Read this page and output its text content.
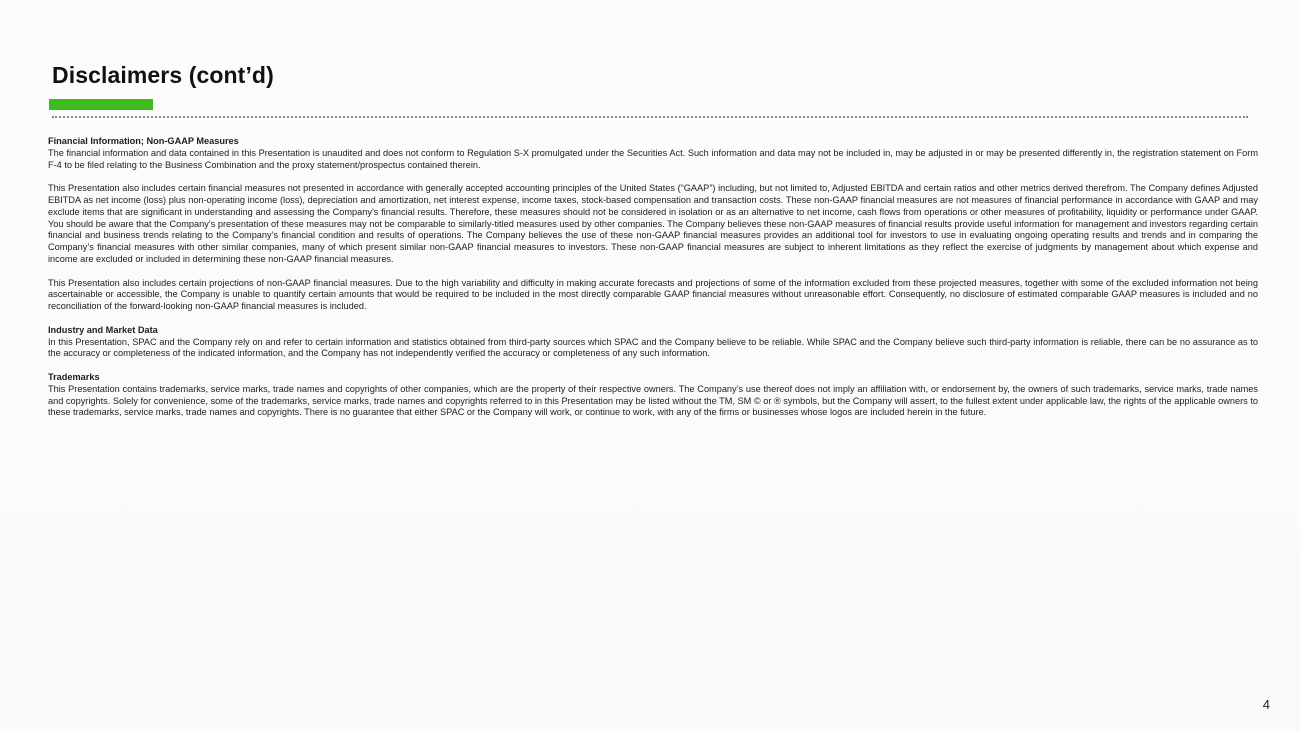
Disclaimers (cont’d)
Financial Information; Non-GAAP Measures

The financial information and data contained in this Presentation is unaudited and does not conform to Regulation S-X promulgated under the Securities Act. Such information and data may not be included in, may be adjusted in or may be presented differently in, the registration statement on Form F-4 to be filed relating to the Business Combination and the proxy statement/prospectus contained therein.

This Presentation also includes certain financial measures not presented in accordance with generally accepted accounting principles of the United States (“GAAP”) including, but not limited to, Adjusted EBITDA and certain ratios and other metrics derived therefrom. The Company defines Adjusted EBITDA as net income (loss) plus non-operating income (loss), depreciation and amortization, net interest expense, income taxes, stock-based compensation and transaction costs. These non-GAAP financial measures are not measures of financial performance in accordance with GAAP and may exclude items that are significant in understanding and assessing the Company’s financial results. Therefore, these measures should not be considered in isolation or as an alternative to net income, cash flows from operations or other measures of profitability, liquidity or performance under GAAP. You should be aware that the Company’s presentation of these measures may not be comparable to similarly-titled measures used by other companies. The Company believes these non-GAAP measures of financial results provide useful information for management and investors regarding certain financial and business trends relating to the Company’s financial condition and results of operations. The Company believes the use of these non-GAAP financial measures provides an additional tool for investors to use in evaluating ongoing operating results and trends and in comparing the Company’s financial measures with other similar companies, many of which present similar non-GAAP financial measures to investors. These non-GAAP financial measures are subject to inherent limitations as they reflect the exercise of judgments by management about which expense and income are excluded or included in determining these non-GAAP financial measures.

This Presentation also includes certain projections of non-GAAP financial measures. Due to the high variability and difficulty in making accurate forecasts and projections of some of the information excluded from these projected measures, together with some of the excluded information not being ascertainable or accessible, the Company is unable to quantify certain amounts that would be required to be included in the most directly comparable GAAP financial measures without unreasonable effort. Consequently, no disclosure of estimated comparable GAAP measures is included and no reconciliation of the forward-looking non-GAAP financial measures is included.

Industry and Market Data

In this Presentation, SPAC and the Company rely on and refer to certain information and statistics obtained from third-party sources which SPAC and the Company believe to be reliable. While SPAC and the Company believe such third-party information is reliable, there can be no assurance as to the accuracy or completeness of the indicated information, and the Company has not independently verified the accuracy or completeness of any such information.

Trademarks

This Presentation contains trademarks, service marks, trade names and copyrights of other companies, which are the property of their respective owners. The Company’s use thereof does not imply an affiliation with, or endorsement by, the owners of such trademarks, service marks, trade names and copyrights. Solely for convenience, some of the trademarks, service marks, trade names and copyrights referred to in this Presentation may be listed without the TM, SM © or ® symbols, but the Company will assert, to the fullest extent under applicable law, the rights of the applicable owners to these trademarks, service marks, trade names and copyrights. There is no guarantee that either SPAC or the Company will work, or continue to work, with any of the firms or businesses whose logos are included herein in the future.

4
